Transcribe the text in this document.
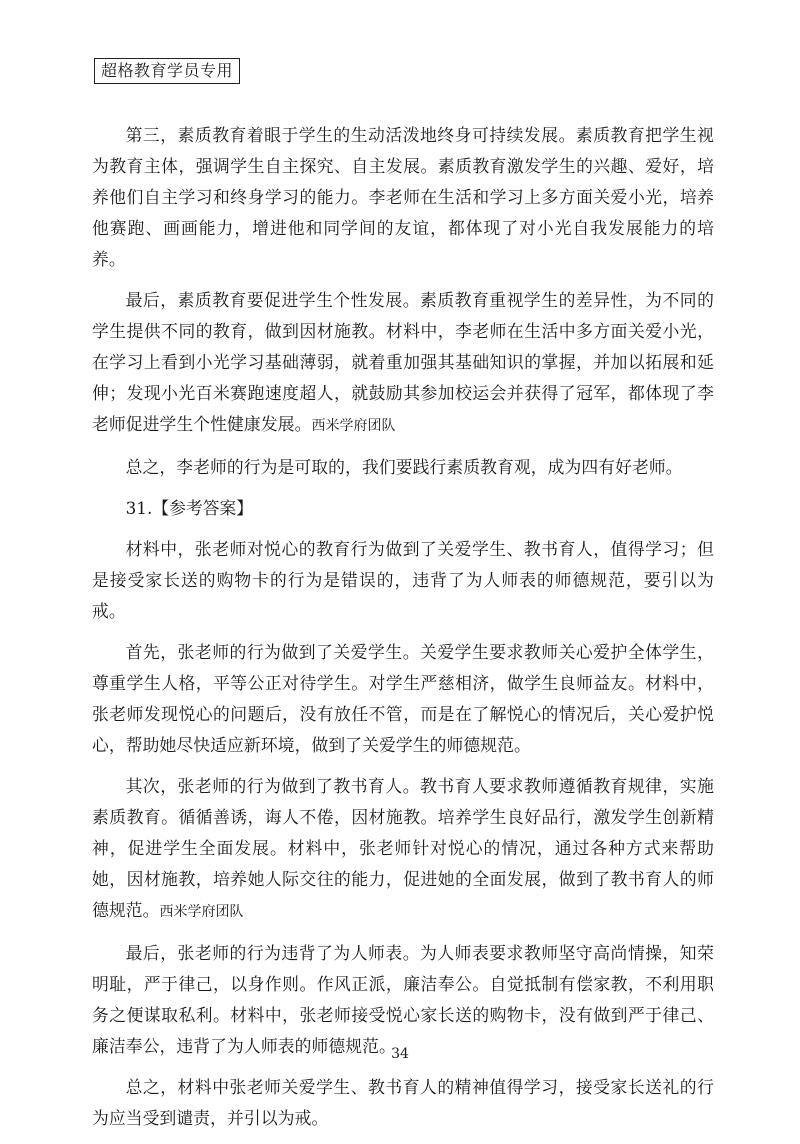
超格教育学员专用

第三，素质教育着眼于学生的生动活泼地终身可持续发展。素质教育把学生视为教育主体，强调学生自主探究、自主发展。素质教育激发学生的兴趣、爱好，培养他们自主学习和终身学习的能力。李老师在生活和学习上多方面关爱小光，培养他赛跑、画画能力，增进他和同学间的友谊，都体现了对小光自我发展能力的培养。

最后，素质教育要促进学生个性发展。素质教育重视学生的差异性，为不同的学生提供不同的教育，做到因材施教。材料中，李老师在生活中多方面关爱小光，在学习上看到小光学习基础薄弱，就着重加强其基础知识的掌握，并加以拓展和延伸；发现小光百米赛跑速度超人，就鼓励其参加校运会并获得了冠军，都体现了李老师促进学生个性健康发展。西米学府团队

总之，李老师的行为是可取的，我们要践行素质教育观，成为四有好老师。

31.【参考答案】

材料中，张老师对悦心的教育行为做到了关爱学生、教书育人，值得学习；但是接受家长送的购物卡的行为是错误的，违背了为人师表的师德规范，要引以为戒。

首先，张老师的行为做到了关爱学生。关爱学生要求教师关心爱护全体学生，尊重学生人格，平等公正对待学生。对学生严慈相济，做学生良师益友。材料中，张老师发现悦心的问题后，没有放任不管，而是在了解悦心的情况后，关心爱护悦心，帮助她尽快适应新环境，做到了关爱学生的师德规范。

其次，张老师的行为做到了教书育人。教书育人要求教师遵循教育规律，实施素质教育。循循善诱，诲人不倦，因材施教。培养学生良好品行，激发学生创新精神，促进学生全面发展。材料中，张老师针对悦心的情况，通过各种方式来帮助她，因材施教，培养她人际交往的能力，促进她的全面发展，做到了教书育人的师德规范。西米学府团队

最后，张老师的行为违背了为人师表。为人师表要求教师坚守高尚情操，知荣明耻，严于律己，以身作则。作风正派，廉洁奉公。自觉抵制有偿家教，不利用职务之便谋取私利。材料中，张老师接受悦心家长送的购物卡，没有做到严于律己、廉洁奉公，违背了为人师表的师德规范。

总之，材料中张老师关爱学生、教书育人的精神值得学习，接受家长送礼的行为应当受到谴责，并引以为戒。

34
